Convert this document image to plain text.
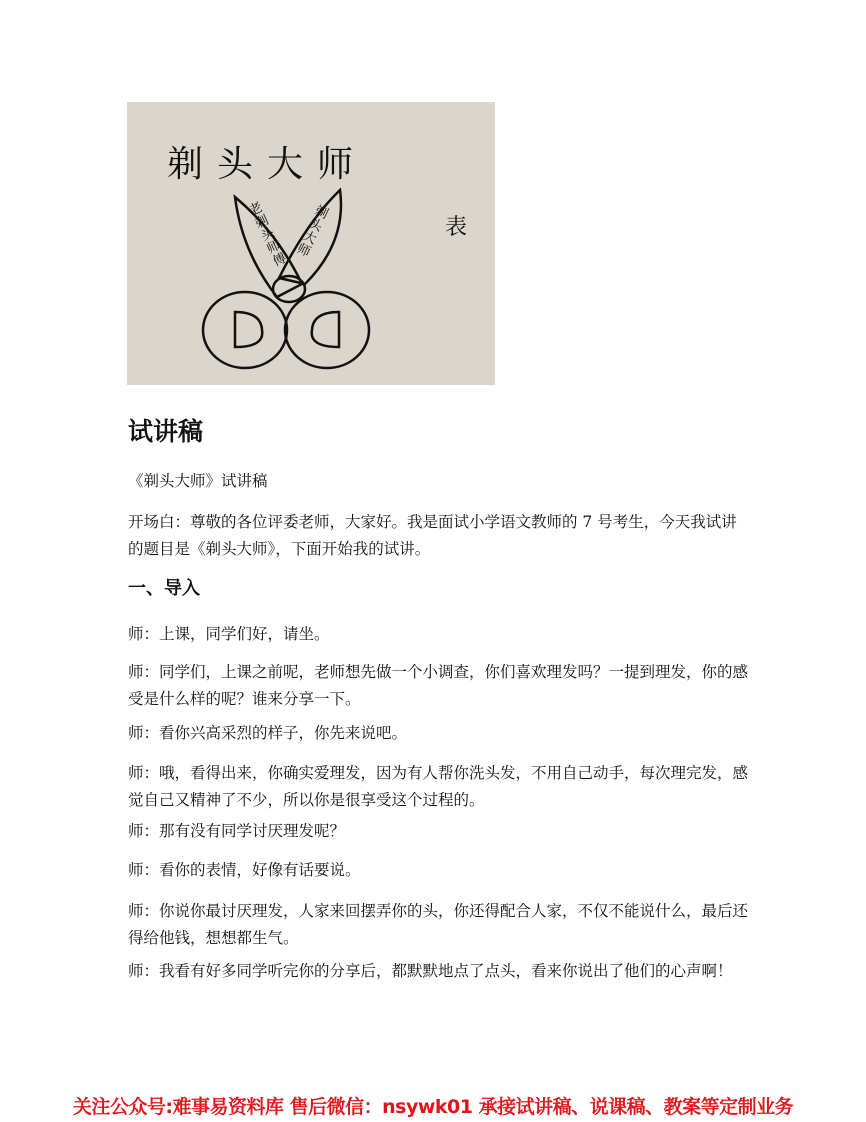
剃头大师
表
老剃头师傅 剃头大师
试讲稿

《剃头大师》试讲稿

开场白：尊敬的各位评委老师，大家好。我是面试小学语文教师的 7 号考生，今天我试讲的题目是《剃头大师》，下面开始我的试讲。

一、导入

师：上课，同学们好，请坐。

师：同学们，上课之前呢，老师想先做一个小调查，你们喜欢理发吗？一提到理发，你的感受是什么样的呢？谁来分享一下。

师：看你兴高采烈的样子，你先来说吧。

师：哦，看得出来，你确实爱理发，因为有人帮你洗头发，不用自己动手，每次理完发，感觉自己又精神了不少，所以你是很享受这个过程的。

师：那有没有同学讨厌理发呢？

师：看你的表情，好像有话要说。

师：你说你最讨厌理发，人家来回摆弄你的头，你还得配合人家，不仅不能说什么，最后还得给他钱，想想都生气。

师：我看有好多同学听完你的分享后，都默默地点了点头，看来你说出了他们的心声啊！

关注公众号:难事易资料库 售后微信：nsywk01 承接试讲稿、说课稿、教案等定制业务
